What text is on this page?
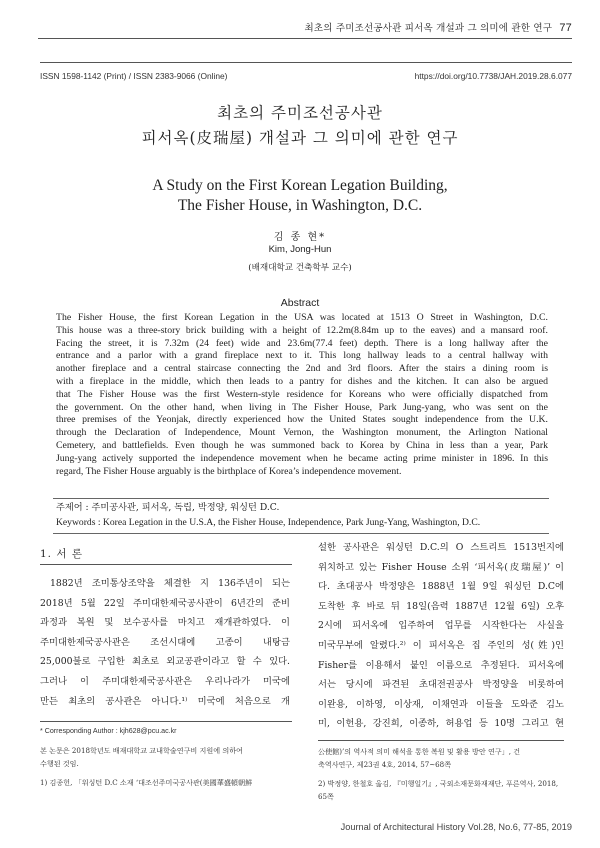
최초의 주미조선공사관 피서옥 개설과 그 의미에 관한 연구 77
ISSN 1598-1142 (Print) / ISSN 2383-9066 (Online)	https://doi.org/10.7738/JAH.2019.28.6.077
최초의 주미조선공사관
피서옥(皮瑞屋) 개설과 그 의미에 관한 연구
A Study on the First Korean Legation Building,
The Fisher House, in Washington, D.C.
김 종 현*
Kim, Jong-Hun
(배재대학교 건축학부 교수)
Abstract
The Fisher House, the first Korean Legation in the USA was located at 1513 O Street in Washington, D.C.
This house was a three-story brick building with a height of 12.2m(8.84m up to the eaves) and a mansard roof.
Facing the street, it is 7.32m (24 feet) wide and 23.6m(77.4 feet) depth. There is a long hallway after the
entrance and a parlor with a grand fireplace next to it. This long hallway leads to a central hallway with
another fireplace and a central staircase connecting the 2nd and 3rd floors. After the stairs a dining room is
with a fireplace in the middle, which then leads to a pantry for dishes and the kitchen. It can also be argued
that The Fisher House was the first Western-style residence for Koreans who were officially dispatched from
the government. On the other hand, when living in The Fisher House, Park Jung-yang, who was sent on the
three premises of the Yeonjak, directly experienced how the United States sought independence from the U.K.
through the Declaration of Independence, Mount Vernon, the Washington monument, the Arlington National
Cemetery, and battlefields. Even though he was summoned back to Korea by China in less than a year, Park
Jung-yang actively supported the independence movement when he became acting prime minister in 1896. In this
regard, The Fisher House arguably is the birthplace of Korea’s independence movement.
주제어 : 주미공사관, 피서옥, 독립, 박정양, 워싱턴 D.C.
Keywords : Korea Legation in the U.S.A, the Fisher House, Independence, Park Jung-Yang, Washington, D.C.
1. 서 론
1882년 조미통상조약을 체결한 지 136주년이 되는
2018년 5월 22일 주미대한제국공사관이 6년간의 준비
과정과 복원 및 보수공사를 마치고 재개관하였다. 이
주미대한제국공사관은 조선시대에 고종이 내탕금
25,000불로 구입한 최초로 외교공관이라고 할 수 있다.
그러나 이 주미대한제국공사관은 우리나라가 미국에
만든 최초의 공사관은 아니다.¹⁾ 미국에 처음으로 개
설한 공사관은 워싱턴 D.C.의 O 스트리트 1513번지에
위치하고 있는 Fisher House 소위 ‘피서옥(皮瑞屋)’ 이
다. 초대공사 박정양은 1888년 1월 9일 워싱턴 D.C에
도착한 후 바로 뒤 18일(음력 1887년 12월 6일) 오후
2시에 피서옥에 입주하여 업무를 시작한다는 사실을
미국무부에 알렸다.²⁾ 이 피서옥은 집 주인의 성(姓)인
Fisher를 이용해서 붙인 이름으로 추정된다. 피서옥에
서는 당시에 파견된 초대전권공사 박정양을 비롯하여
이완용, 이하영, 이상재, 이채연과 이들을 도와준 김노
미, 이헌용, 강진희, 이종하, 허용업 등 10명 그리고 현
* Corresponding Author : kjh628@pcu.ac.kr
본 논문은 2018학년도 배재대학교 교내학술연구비 지원에 의하여
수행된 것임.
1) 김종헌, 「워싱턴 D.C 소재 ‘대조선주미국공사관(美國華盛頓朝鮮
公使館)’의 역사적 의미 해석을 통한 복원 및 활용 방안 연구」, 건
축역사연구, 제23권 4호, 2014, 57~68쪽
2) 박정양, 한철호 옮김, 『미행일기』, 국외소재문화재재단, 푸른역사, 2018, 65쪽
Journal of Architectural History Vol.28, No.6, 77-85, 2019
